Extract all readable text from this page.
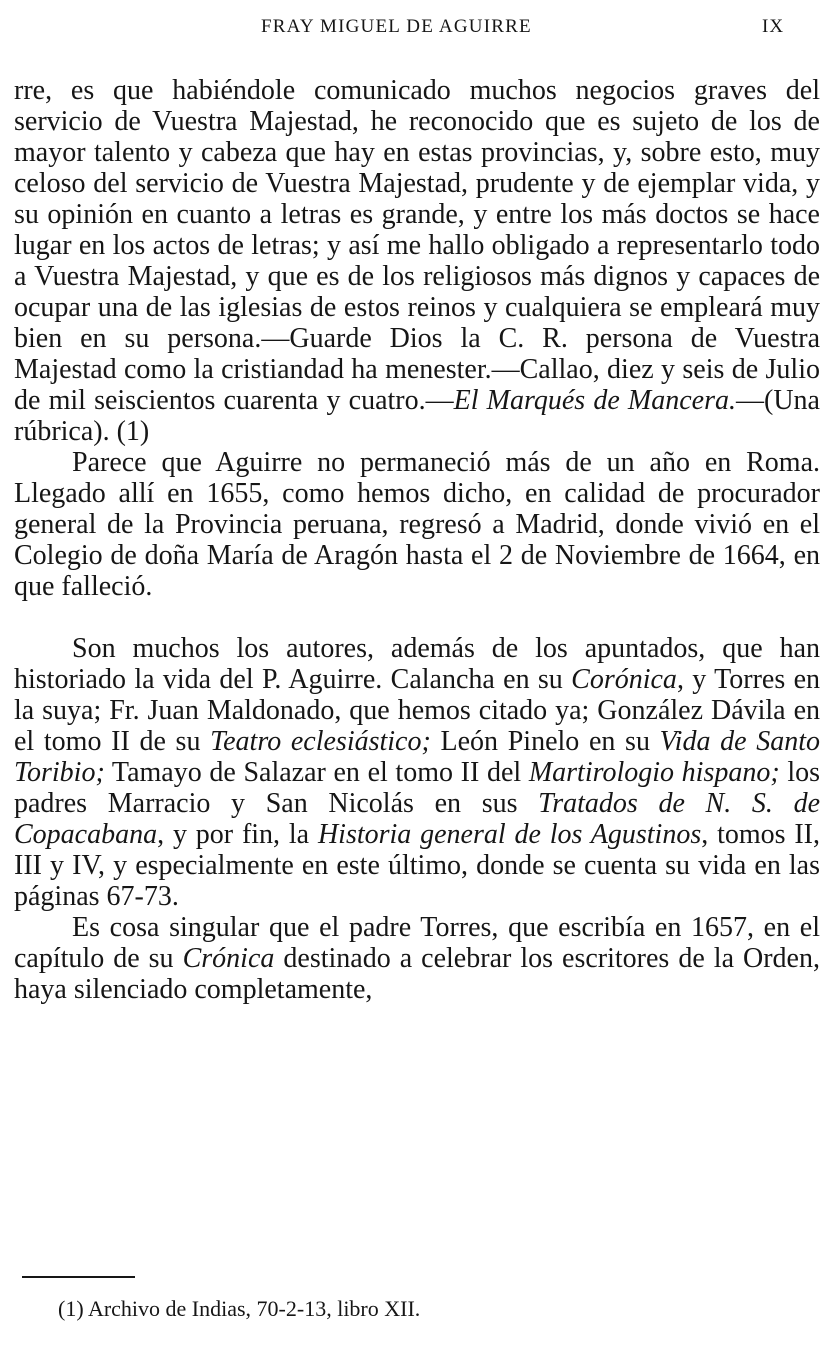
FRAY MIGUEL DE AGUIRRE	IX

rre, es que habiéndole comunicado muchos negocios graves del servicio de Vuestra Majestad, he reconocido que es sujeto de los de mayor talento y cabeza que hay en estas provincias, y, sobre esto, muy celoso del servicio de Vuestra Majestad, prudente y de ejemplar vida, y su opinión en cuanto a letras es grande, y entre los más doctos se hace lugar en los actos de letras; y así me hallo obligado a representarlo todo a Vuestra Majestad, y que es de los religiosos más dignos y capaces de ocupar una de las iglesias de estos reinos y cualquiera se empleará muy bien en su persona.—Guarde Dios la C. R. persona de Vuestra Majestad como la cristiandad ha menester.—Callao, diez y seis de Julio de mil seiscientos cuarenta y cuatro.—El Marqués de Mancera.—(Una rúbrica). (1)

Parece que Aguirre no permaneció más de un año en Roma. Llegado allí en 1655, como hemos dicho, en calidad de procurador general de la Provincia peruana, regresó a Madrid, donde vivió en el Colegio de doña María de Aragón hasta el 2 de Noviembre de 1664, en que falleció.

Son muchos los autores, además de los apuntados, que han historiado la vida del P. Aguirre. Calancha en su Corónica, y Torres en la suya; Fr. Juan Maldonado, que hemos citado ya; González Dávila en el tomo II de su Teatro eclesiástico; León Pinelo en su Vida de Santo Toribio; Tamayo de Salazar en el tomo II del Martirologio hispano; los padres Marracio y San Nicolás en sus Tratados de N. S. de Copacabana, y por fin, la Historia general de los Agustinos, tomos II, III y IV, y especialmente en este último, donde se cuenta su vida en las páginas 67-73.

Es cosa singular que el padre Torres, que escribía en 1657, en el capítulo de su Crónica destinado a celebrar los escritores de la Orden, haya silenciado completamente,

(1) Archivo de Indias, 70-2-13, libro XII.
